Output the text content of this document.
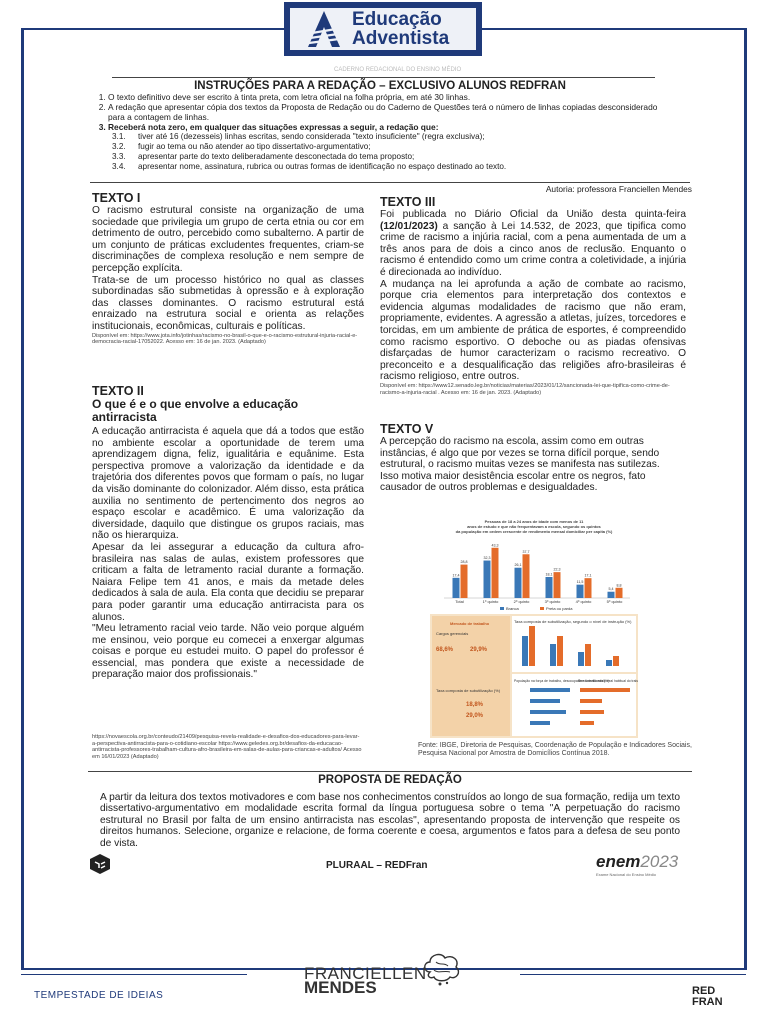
Educação
Adventista
CADERNO REDACIONAL DO ENSINO MÉDIO
INSTRUÇÕES PARA A REDAÇÃO – EXCLUSIVO ALUNOS REDFRAN
1. O texto definitivo deve ser escrito à tinta preta, com letra oficial na folha própria, em até 30 linhas.
2. A redação que apresentar cópia dos textos da Proposta de Redação ou do Caderno de Questões terá o número de linhas copiadas desconsiderado para a contagem de linhas.
3. Receberá nota zero, em qualquer das situações expressas a seguir, a redação que:
3.1. tiver até 16 (dezesseis) linhas escritas, sendo considerada "texto insuficiente" (regra exclusiva);
3.2. fugir ao tema ou não atender ao tipo dissertativo-argumentativo;
3.3. apresentar parte do texto deliberadamente desconectada do tema proposto;
3.4. apresentar nome, assinatura, rubrica ou outras formas de identificação no espaço destinado ao texto.
Autoria: professora Franciellen Mendes
TEXTO I
O racismo estrutural consiste na organização de uma sociedade que privilegia um grupo de certa etnia ou cor em detrimento de outro, percebido como subalterno. A partir de um conjunto de práticas excludentes frequentes, criam-se discriminações de complexa resolução e nem sempre de percepção explícita.
Trata-se de um processo histórico no qual as classes subordinadas são submetidas à opressão e à exploração das classes dominantes. O racismo estrutural está enraizado na estrutura social e orienta as relações institucionais, econômicas, culturais e políticas.
Disponível em: https://www.jota.info/jotinhas/racismo-no-brasil-o-que-e-o-racismo-estrutural-injuria-racial-e-democracia-racial-17052022. Acesso em: 16 de jan. 2023. (Adaptado)
TEXTO II
O que é e o que envolve a educação antirracista
A educação antirracista é aquela que dá a todos que estão no ambiente escolar a oportunidade de terem uma aprendizagem digna, feliz, igualitária e equânime. Esta perspectiva promove a valorização da identidade e da trajetória dos diferentes povos que formam o país, no lugar da visão dominante do colonizador. Além disso, esta prática auxilia no sentimento de pertencimento dos negros ao espaço escolar e acadêmico. É uma valorização da diversidade, daquilo que distingue os grupos raciais, mas não os hierarquiza.
Apesar da lei assegurar a educação da cultura afro-brasileira nas salas de aulas, existem professores que criticam a falta de letramento racial durante a formação. Naiara Felipe tem 41 anos, e mais da metade deles dedicados à sala de aula. Ela conta que decidiu se preparar para poder garantir uma educação antirracista para os alunos.
"Meu letramento racial veio tarde. Não veio porque alguém me ensinou, veio porque eu comecei a enxergar algumas coisas e porque eu estudei muito. O papel do professor é essencial, mas pondera que existe a necessidade de preparação maior dos profissionais."
https://novaescola.org.br/conteudo/21409/pesquisa-revela-realidade-e-desafios-dos-educadores-para-levar-a-perspectiva-antirracista-para-o-cotidiano-escolar https://www.geledes.org.br/desafios-da-educacao-antirracista-professores-trabalham-cultura-afro-brasileira-em-salas-de-aulas-para-criancas-e-adultos/ Acesso em 16/01/2023 (Adaptado)
TEXTO III
Foi publicada no Diário Oficial da União desta quinta-feira (12/01/2023) a sanção à Lei 14.532, de 2023, que tipifica como crime de racismo a injúria racial, com a pena aumentada de um a três anos para de dois a cinco anos de reclusão. Enquanto o racismo é entendido como um crime contra a coletividade, a injúria é direcionada ao indivíduo.
A mudança na lei aprofunda a ação de combate ao racismo, porque cria elementos para interpretação dos contextos e evidencia algumas modalidades de racismo que não eram, propriamente, evidentes. A agressão a atletas, juízes, torcedores e torcidas, em um ambiente de prática de esportes, é compreendido como racismo esportivo. O deboche ou as piadas ofensivas disfarçadas de humor caracterizam o racismo recreativo. O preconceito e a desqualificação das religiões afro-brasileiras é racismo religioso, entre outros.
Disponível em: https://www12.senado.leg.br/noticias/materias/2023/01/12/sancionada-lei-que-tipifica-como-crime-de-racismo-a-injuria-racial . Acesso em: 16 de jan. 2023. (Adaptado)
TEXTO V
A percepção do racismo na escola, assim como em outras instâncias, é algo que por vezes se torna difícil porque, sendo estrutural, o racismo muitas vezes se manifesta nas sutilezas.
Isso motiva maior desistência escolar entre os negros, fato causador de outros problemas e desigualdades.
Pessoas de 18 a 24 anos de idade com menos de 11 anos de estudo e que não frequentavam a escola, segundo os quintos da população em ordem crescente de rendimento mensal domiciliar per capita (%)
17,4
28,8
Total
32,3
43,3
1º quinto
26,1
37,7
2º quinto
18,1
22,3
3º quinto
11,5
17,1
4º quinto
5,4
8,8
5º quinto
Branca	Preta ou parda
Mercado de trabalho
Cargos gerenciais
68,6%	29,9%
Taxa composta de subutilização (%)
18,8%
29,0%
Taxa composta de subutilização, segundo o nível de instrução (%)
População na força de trabalho, desocupada e subutilizada (%)
Rendimento médio real habitual do trab
Fonte: IBGE, Diretoria de Pesquisas, Coordenação de População e Indicadores Sociais, Pesquisa Nacional por Amostra de Domicílios Contínua 2018.
PROPOSTA DE REDAÇÃO
A partir da leitura dos textos motivadores e com base nos conhecimentos construídos ao longo de sua formação, redija um texto dissertativo-argumentativo em modalidade escrita formal da língua portuguesa sobre o tema "A perpetuação do racismo estrutural no Brasil por falta de um ensino antirracista nas escolas", apresentando proposta de intervenção que respeite os direitos humanos. Selecione, organize e relacione, de forma coerente e coesa, argumentos e fatos para a defesa de seu ponto de vista.
PLURAAL – REDFran	enem2023
Exame Nacional do Ensino Médio
TEMPESTADE DE IDEIAS
FRANCIELLEN
MENDES	RED
FRAN
